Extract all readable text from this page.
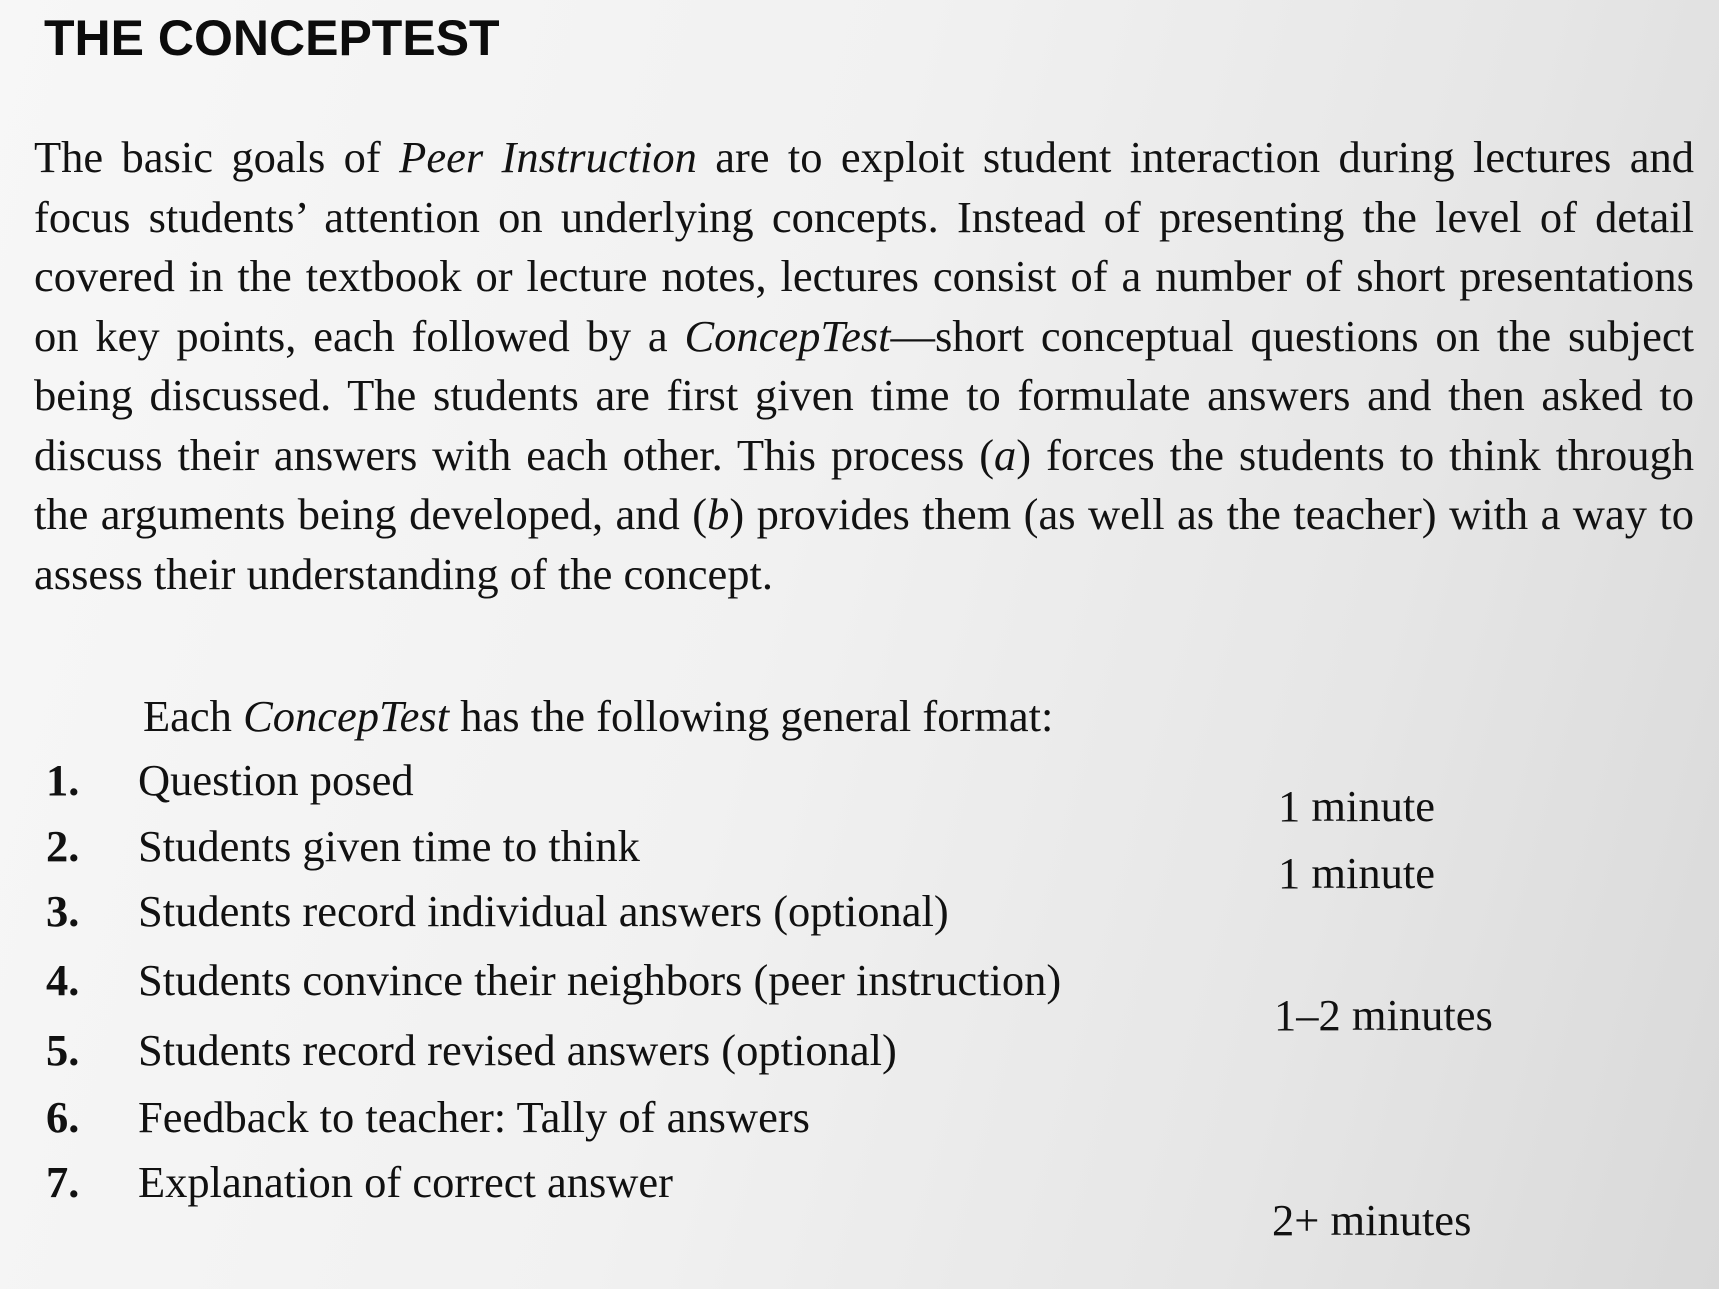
THE CONCEPTEST

The basic goals of Peer Instruction are to exploit student interaction during lectures and focus students’ attention on underlying concepts. Instead of presenting the level of detail covered in the textbook or lecture notes, lectures consist of a number of short presentations on key points, each followed by a ConcepTest—short conceptual questions on the subject being discussed. The students are first given time to formulate answers and then asked to discuss their answers with each other. This process (a) forces the students to think through the arguments being developed, and (b) provides them (as well as the teacher) with a way to assess their understanding of the concept.

Each ConcepTest has the following general format:

1. Question posed
2. Students given time to think
3. Students record individual answers (optional)
4. Students convince their neighbors (peer instruction)
5. Students record revised answers (optional)
6. Feedback to teacher: Tally of answers
7. Explanation of correct answer
1 minute
1 minute
1–2 minutes
2+ minutes
